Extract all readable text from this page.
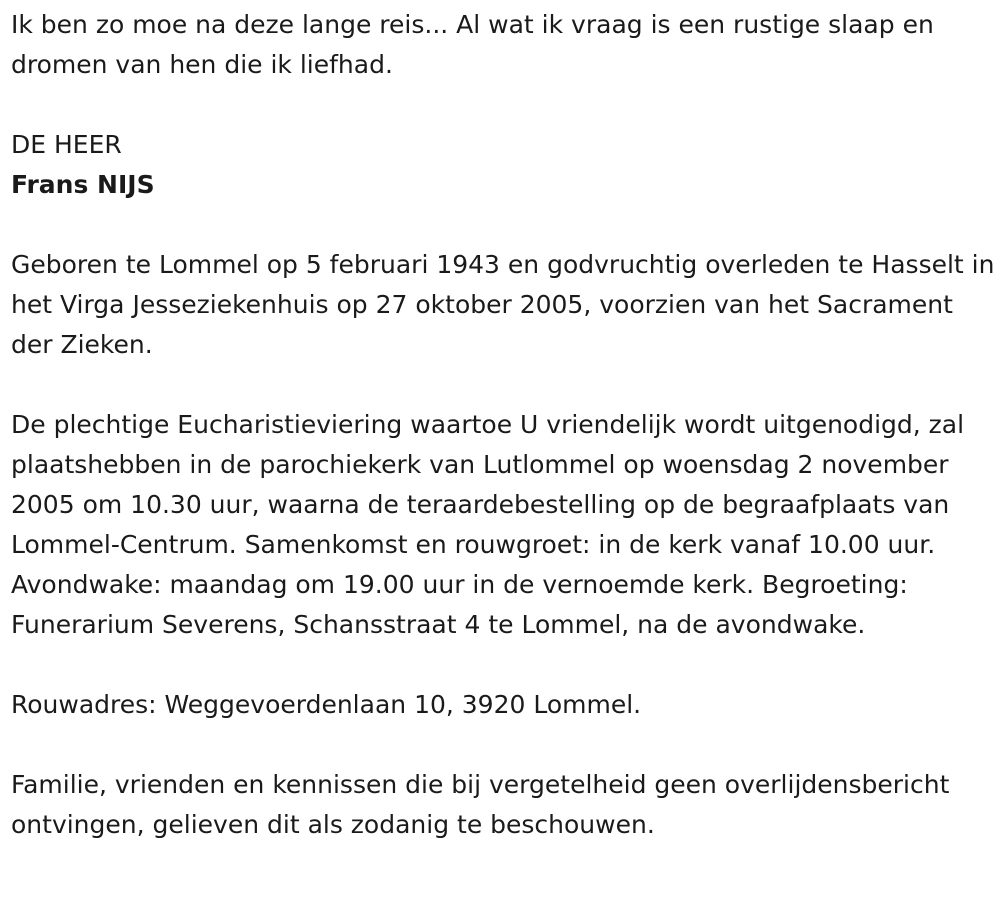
Ik ben zo moe na deze lange reis... Al wat ik vraag is een rustige slaap en dromen van hen die ik liefhad.

DE HEER

Frans NIJS

Geboren te Lommel op 5 februari 1943 en godvruchtig overleden te Hasselt in het Virga Jesseziekenhuis op 27 oktober 2005, voorzien van het Sacrament der Zieken.

De plechtige Eucharistieviering waartoe U vriendelijk wordt uitgenodigd, zal plaatshebben in de parochiekerk van Lutlommel op woensdag 2 november 2005 om 10.30 uur, waarna de teraardebestelling op de begraafplaats van Lommel-Centrum. Samenkomst en rouwgroet: in de kerk vanaf 10.00 uur. Avondwake: maandag om 19.00 uur in de vernoemde kerk. Begroeting: Funerarium Severens, Schansstraat 4 te Lommel, na de avondwake.

Rouwadres: Weggevoerdenlaan 10, 3920 Lommel.

Familie, vrienden en kennissen die bij vergetelheid geen overlijdensbericht ontvingen, gelieven dit als zodanig te beschouwen.
